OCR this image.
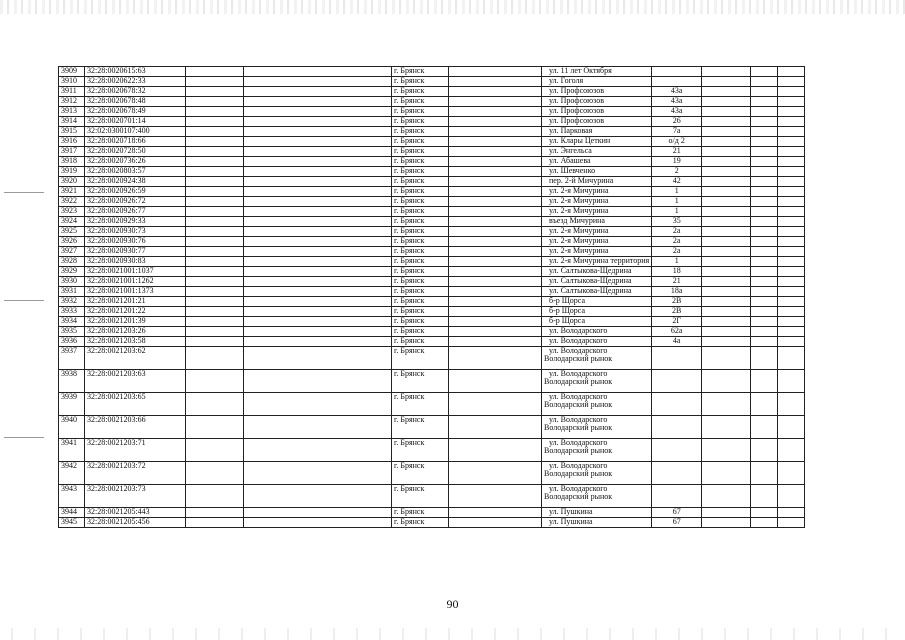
3909	32:28:0020615:63			г. Брянск		ул. 11 лет Октября				

3910	32:28:0020622:33			г. Брянск		ул. Гоголя				

3911	32:28:0020678:32			г. Брянск		ул. Профсоюзов	43а			
3912	32:28:0020678:48			г. Брянск		ул. Профсоюзов	43а			
3913	32:28:0020678:49			г. Брянск		ул. Профсоюзов	43а			
3914	32:28:0020701:14			г. Брянск		ул. Профсоюзов	26			
3915	32:02:0300107:400			г. Брянск		ул. Парковая	7а			
3916	32:28:0020718:66			г. Брянск		ул. Клары Цеткин	о/д 2			
3917	32:28:0020728:50			г. Брянск		ул. Энгельса	21			
3918	32:28:0020736:26			г. Брянск		ул. Абашева	19			
3919	32:28:0020803:57			г. Брянск		ул. Шевченко	2			
3920	32:28:0020924:38			г. Брянск		пер. 2-й Мичурина	42			
3921	32:28:0020926:59			г. Брянск		ул. 2-я Мичурина	1			
3922	32:28:0020926:72			г. Брянск		ул. 2-я Мичурина	1			
3923	32:28:0020926:77			г. Брянск		ул. 2-я Мичурина	1			
3924	32:28:0020929:33			г. Брянск		въезд Мичурина	35			
3925	32:28:0020930:73			г. Брянск		ул. 2-я Мичурина	2а			
3926	32:28:0020930:76			г. Брянск		ул. 2-я Мичурина	2а			
3927	32:28:0020930:77			г. Брянск		ул. 2-я Мичурина	2а			
3928	32:28:0020930:83			г. Брянск		ул. 2-я Мичурина территория	1			
3929	32:28:0021001:1037			г. Брянск		ул. Салтыкова-Щедрина	18			
3930	32:28:0021001:1262			г. Брянск		ул. Салтыкова-Щедрина	21			
3931	32:28:0021001:1373			г. Брянск		ул. Салтыкова-Щедрина	18а			
3932	32:28:0021201:21			г. Брянск		б-р Щорса	2В			
3933	32:28:0021201:22			г. Брянск		б-р Щорса	2В			
3934	32:28:0021201:39			г. Брянск		б-р Щорса	2Г			
3935	32:28:0021203:26			г. Брянск		ул. Володарского	62а			
3936	32:28:0021203:58			г. Брянск		ул. Володарского	4а			
3937	32:28:0021203:62			г. Брянск		ул. Володарского
Володарский рынок				

3938	32:28:0021203:63			г. Брянск		ул. Володарского
Володарский рынок				

3939	32:28:0021203:65			г. Брянск		ул. Володарского
Володарский рынок				

3940	32:28:0021203:66			г. Брянск		ул. Володарского
Володарский рынок				

3941	32:28:0021203:71			г. Брянск		ул. Володарского
Володарский рынок				

3942	32:28:0021203:72			г. Брянск		ул. Володарского
Володарский рынок				

3943	32:28:0021203:73			г. Брянск		ул. Володарского
Володарский рынок				

3944	32:28:0021205:443			г. Брянск		ул. Пушкина	67			
3945	32:28:0021205:456			г. Брянск		ул. Пушкина	67			
90
